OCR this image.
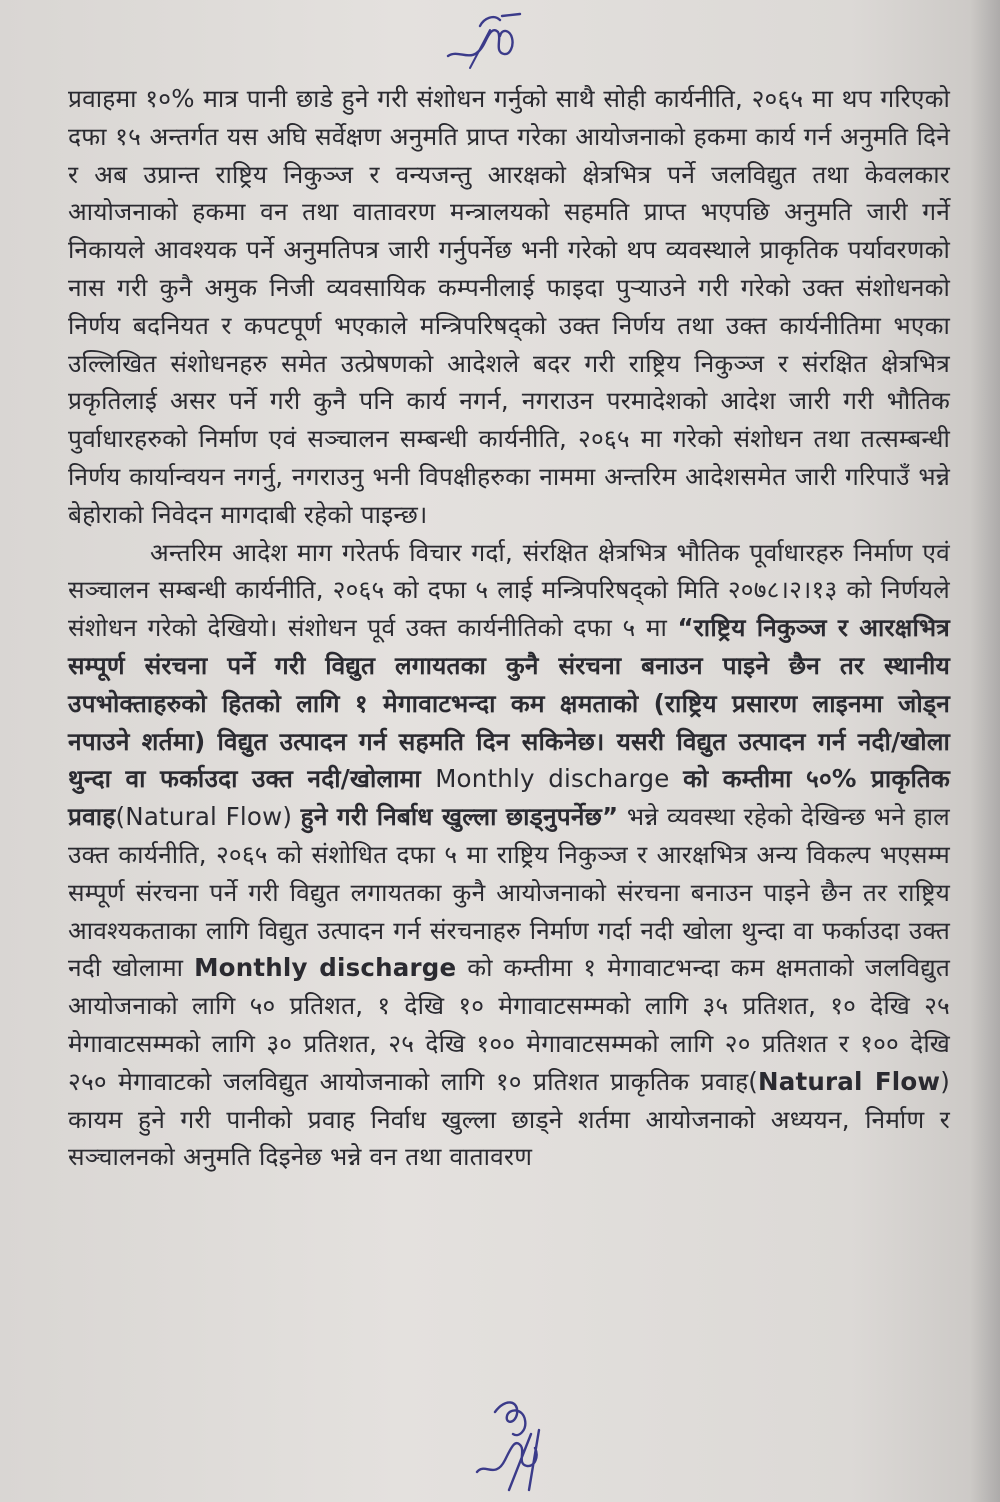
प्रवाहमा १०% मात्र पानी छाडे हुने गरी संशोधन गर्नुको साथै सोही कार्यनीति, २०६५ मा थप गरिएको दफा १५ अन्तर्गत यस अघि सर्वेक्षण अनुमति प्राप्त गरेका आयोजनाको हकमा कार्य गर्न अनुमति दिने र अब उप्रान्त राष्ट्रिय निकुञ्ज र वन्यजन्तु आरक्षको क्षेत्रभित्र पर्ने जलविद्युत तथा केवलकार आयोजनाको हकमा वन तथा वातावरण मन्त्रालयको सहमति प्राप्त भएपछि अनुमति जारी गर्ने निकायले आवश्यक पर्ने अनुमतिपत्र जारी गर्नुपर्नेछ भनी गरेको थप व्यवस्थाले प्राकृतिक पर्यावरणको नास गरी कुनै अमुक निजी व्यवसायिक कम्पनीलाई फाइदा पुऱ्याउने गरी गरेको उक्त संशोधनको निर्णय बदनियत र कपटपूर्ण भएकाले मन्त्रिपरिषद्को उक्त निर्णय तथा उक्त कार्यनीतिमा भएका उल्लिखित संशोधनहरु समेत उत्प्रेषणको आदेशले बदर गरी राष्ट्रिय निकुञ्ज र संरक्षित क्षेत्रभित्र प्रकृतिलाई असर पर्ने गरी कुनै पनि कार्य नगर्न, नगराउन परमादेशको आदेश जारी गरी भौतिक पुर्वाधारहरुको निर्माण एवं सञ्चालन सम्बन्धी कार्यनीति, २०६५ मा गरेको संशोधन तथा तत्सम्बन्धी निर्णय कार्यान्वयन नगर्नु, नगराउनु भनी विपक्षीहरुका नाममा अन्तरिम आदेशसमेत जारी गरिपाउँ भन्ने बेहोराको निवेदन मागदाबी रहेको पाइन्छ।

अन्तरिम आदेश माग गरेतर्फ विचार गर्दा, संरक्षित क्षेत्रभित्र भौतिक पूर्वाधारहरु निर्माण एवं सञ्चालन सम्बन्धी कार्यनीति, २०६५ को दफा ५ लाई मन्त्रिपरिषद्को मिति २०७८।२।१३ को निर्णयले संशोधन गरेको देखियो। संशोधन पूर्व उक्त कार्यनीतिको दफा ५ मा “राष्ट्रिय निकुञ्ज र आरक्षभित्र सम्पूर्ण संरचना पर्ने गरी विद्युत लगायतका कुनै संरचना बनाउन पाइने छैन तर स्थानीय उपभोक्ताहरुको हितको लागि १ मेगावाटभन्दा कम क्षमताको (राष्ट्रिय प्रसारण लाइनमा जोड्न नपाउने शर्तमा) विद्युत उत्पादन गर्न सहमति दिन सकिनेछ। यसरी विद्युत उत्पादन गर्न नदी/खोला थुन्दा वा फर्काउदा उक्त नदी/खोलामा Monthly discharge को कम्तीमा ५०% प्राकृतिक प्रवाह(Natural Flow) हुने गरी निर्बाध खुल्ला छाड्नुपर्नेछ” भन्ने व्यवस्था रहेको देखिन्छ भने हाल उक्त कार्यनीति, २०६५ को संशोधित दफा ५ मा राष्ट्रिय निकुञ्ज र आरक्षभित्र अन्य विकल्प भएसम्म सम्पूर्ण संरचना पर्ने गरी विद्युत लगायतका कुनै आयोजनाको संरचना बनाउन पाइने छैन तर राष्ट्रिय आवश्यकताका लागि विद्युत उत्पादन गर्न संरचनाहरु निर्माण गर्दा नदी खोला थुन्दा वा फर्काउदा उक्त नदी खोलामा Monthly discharge को कम्तीमा १ मेगावाटभन्दा कम क्षमताको जलविद्युत आयोजनाको लागि ५० प्रतिशत, १ देखि १० मेगावाटसम्मको लागि ३५ प्रतिशत, १० देखि २५ मेगावाटसम्मको लागि ३० प्रतिशत, २५ देखि १०० मेगावाटसम्मको लागि २० प्रतिशत र १०० देखि २५० मेगावाटको जलविद्युत आयोजनाको लागि १० प्रतिशत प्राकृतिक प्रवाह(Natural Flow) कायम हुने गरी पानीको प्रवाह निर्वाध खुल्ला छाड्ने शर्तमा आयोजनाको अध्ययन, निर्माण र सञ्चालनको अनुमति दिइनेछ भन्ने वन तथा वातावरण
